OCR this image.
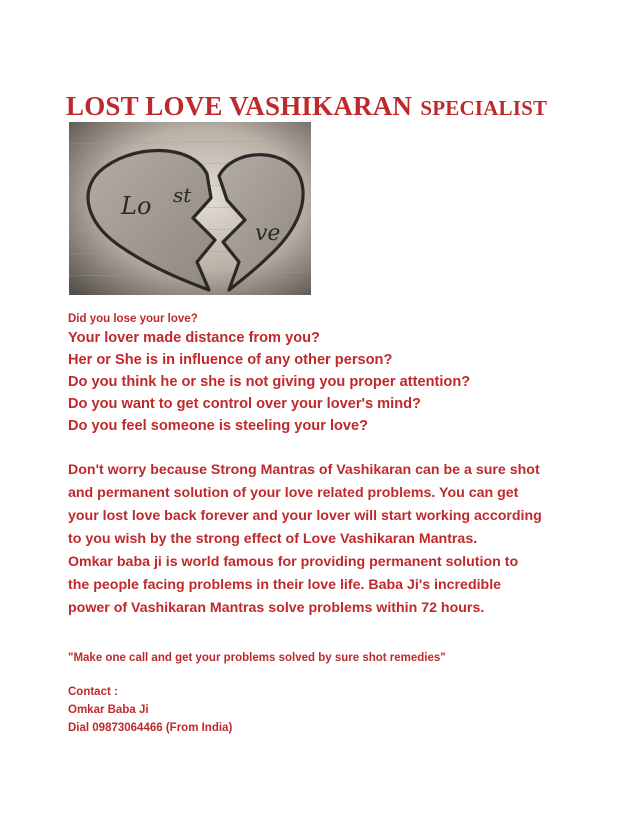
LOST LOVE VASHIKARAN SPECIALIST
Lo st
ve

Did you lose your love?

Your lover made distance from you?

Her or She is in influence of any other person?

Do you think he or she is not giving you proper attention?

Do you want to get control over your lover's mind?

Do you feel someone is steeling your love?

Don't worry because Strong Mantras of Vashikaran can be a sure shot

and permanent solution of your love related problems. You can get

your lost love back forever and your lover will start working according

to you wish by the strong effect of Love Vashikaran Mantras.

Omkar baba ji is world famous for providing permanent solution to

the people facing problems in their love life. Baba Ji's incredible

power of Vashikaran Mantras solve problems within 72 hours.

"Make one call and get your problems solved by sure shot remedies"

Contact :

Omkar Baba Ji

Dial 09873064466 (From India)
